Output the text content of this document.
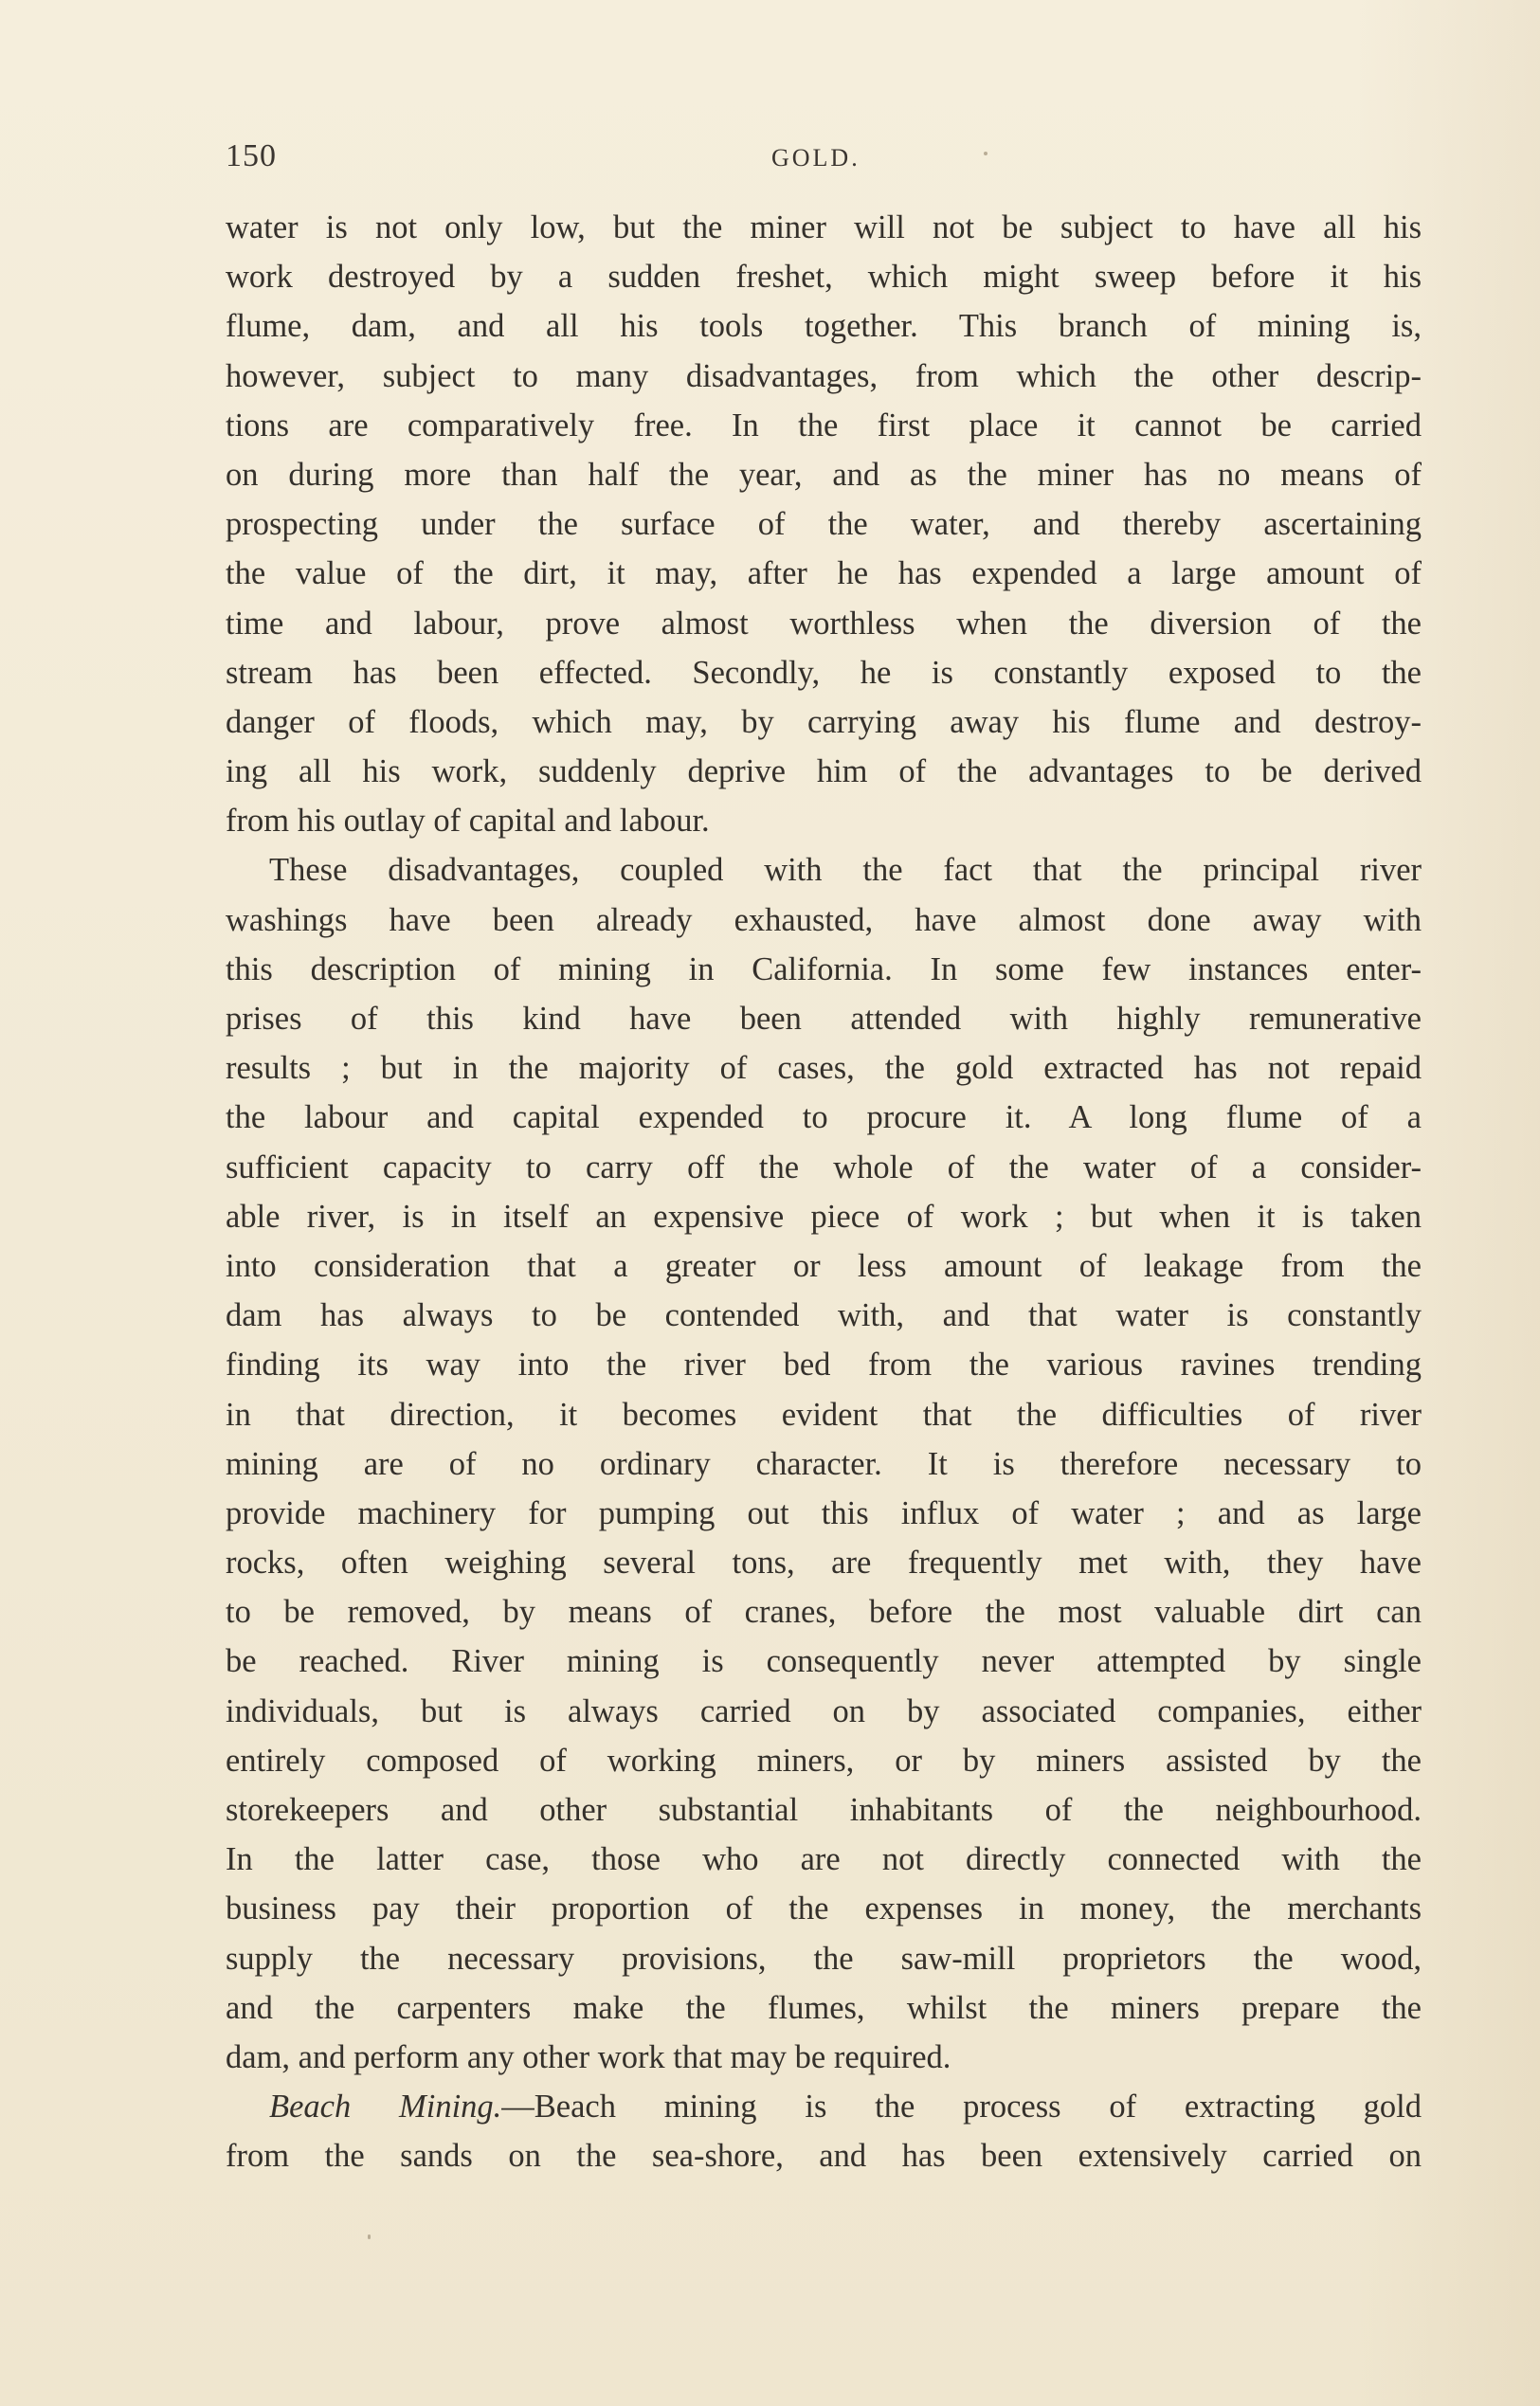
150	GOLD.
water is not only low, but the miner will not be subject to have all his
work destroyed by a sudden freshet, which might sweep before it his
flume, dam, and all his tools together. This branch of mining is,
however, subject to many disadvantages, from which the other descrip-
tions are comparatively free. In the first place it cannot be carried
on during more than half the year, and as the miner has no means of
prospecting under the surface of the water, and thereby ascertaining
the value of the dirt, it may, after he has expended a large amount of
time and labour, prove almost worthless when the diversion of the
stream has been effected. Secondly, he is constantly exposed to the
danger of floods, which may, by carrying away his flume and destroy-
ing all his work, suddenly deprive him of the advantages to be derived
from his outlay of capital and labour.
These disadvantages, coupled with the fact that the principal river
washings have been already exhausted, have almost done away with
this description of mining in California. In some few instances enter-
prises of this kind have been attended with highly remunerative
results ; but in the majority of cases, the gold extracted has not repaid
the labour and capital expended to procure it. A long flume of a
sufficient capacity to carry off the whole of the water of a consider-
able river, is in itself an expensive piece of work ; but when it is taken
into consideration that a greater or less amount of leakage from the
dam has always to be contended with, and that water is constantly
finding its way into the river bed from the various ravines trending
in that direction, it becomes evident that the difficulties of river
mining are of no ordinary character. It is therefore necessary to
provide machinery for pumping out this influx of water ; and as large
rocks, often weighing several tons, are frequently met with, they have
to be removed, by means of cranes, before the most valuable dirt can
be reached. River mining is consequently never attempted by single
individuals, but is always carried on by associated companies, either
entirely composed of working miners, or by miners assisted by the
storekeepers and other substantial inhabitants of the neighbourhood.
In the latter case, those who are not directly connected with the
business pay their proportion of the expenses in money, the merchants
supply the necessary provisions, the saw-mill proprietors the wood,
and the carpenters make the flumes, whilst the miners prepare the
dam, and perform any other work that may be required.
Beach Mining.—Beach mining is the process of extracting gold
from the sands on the sea-shore, and has been extensively carried on
